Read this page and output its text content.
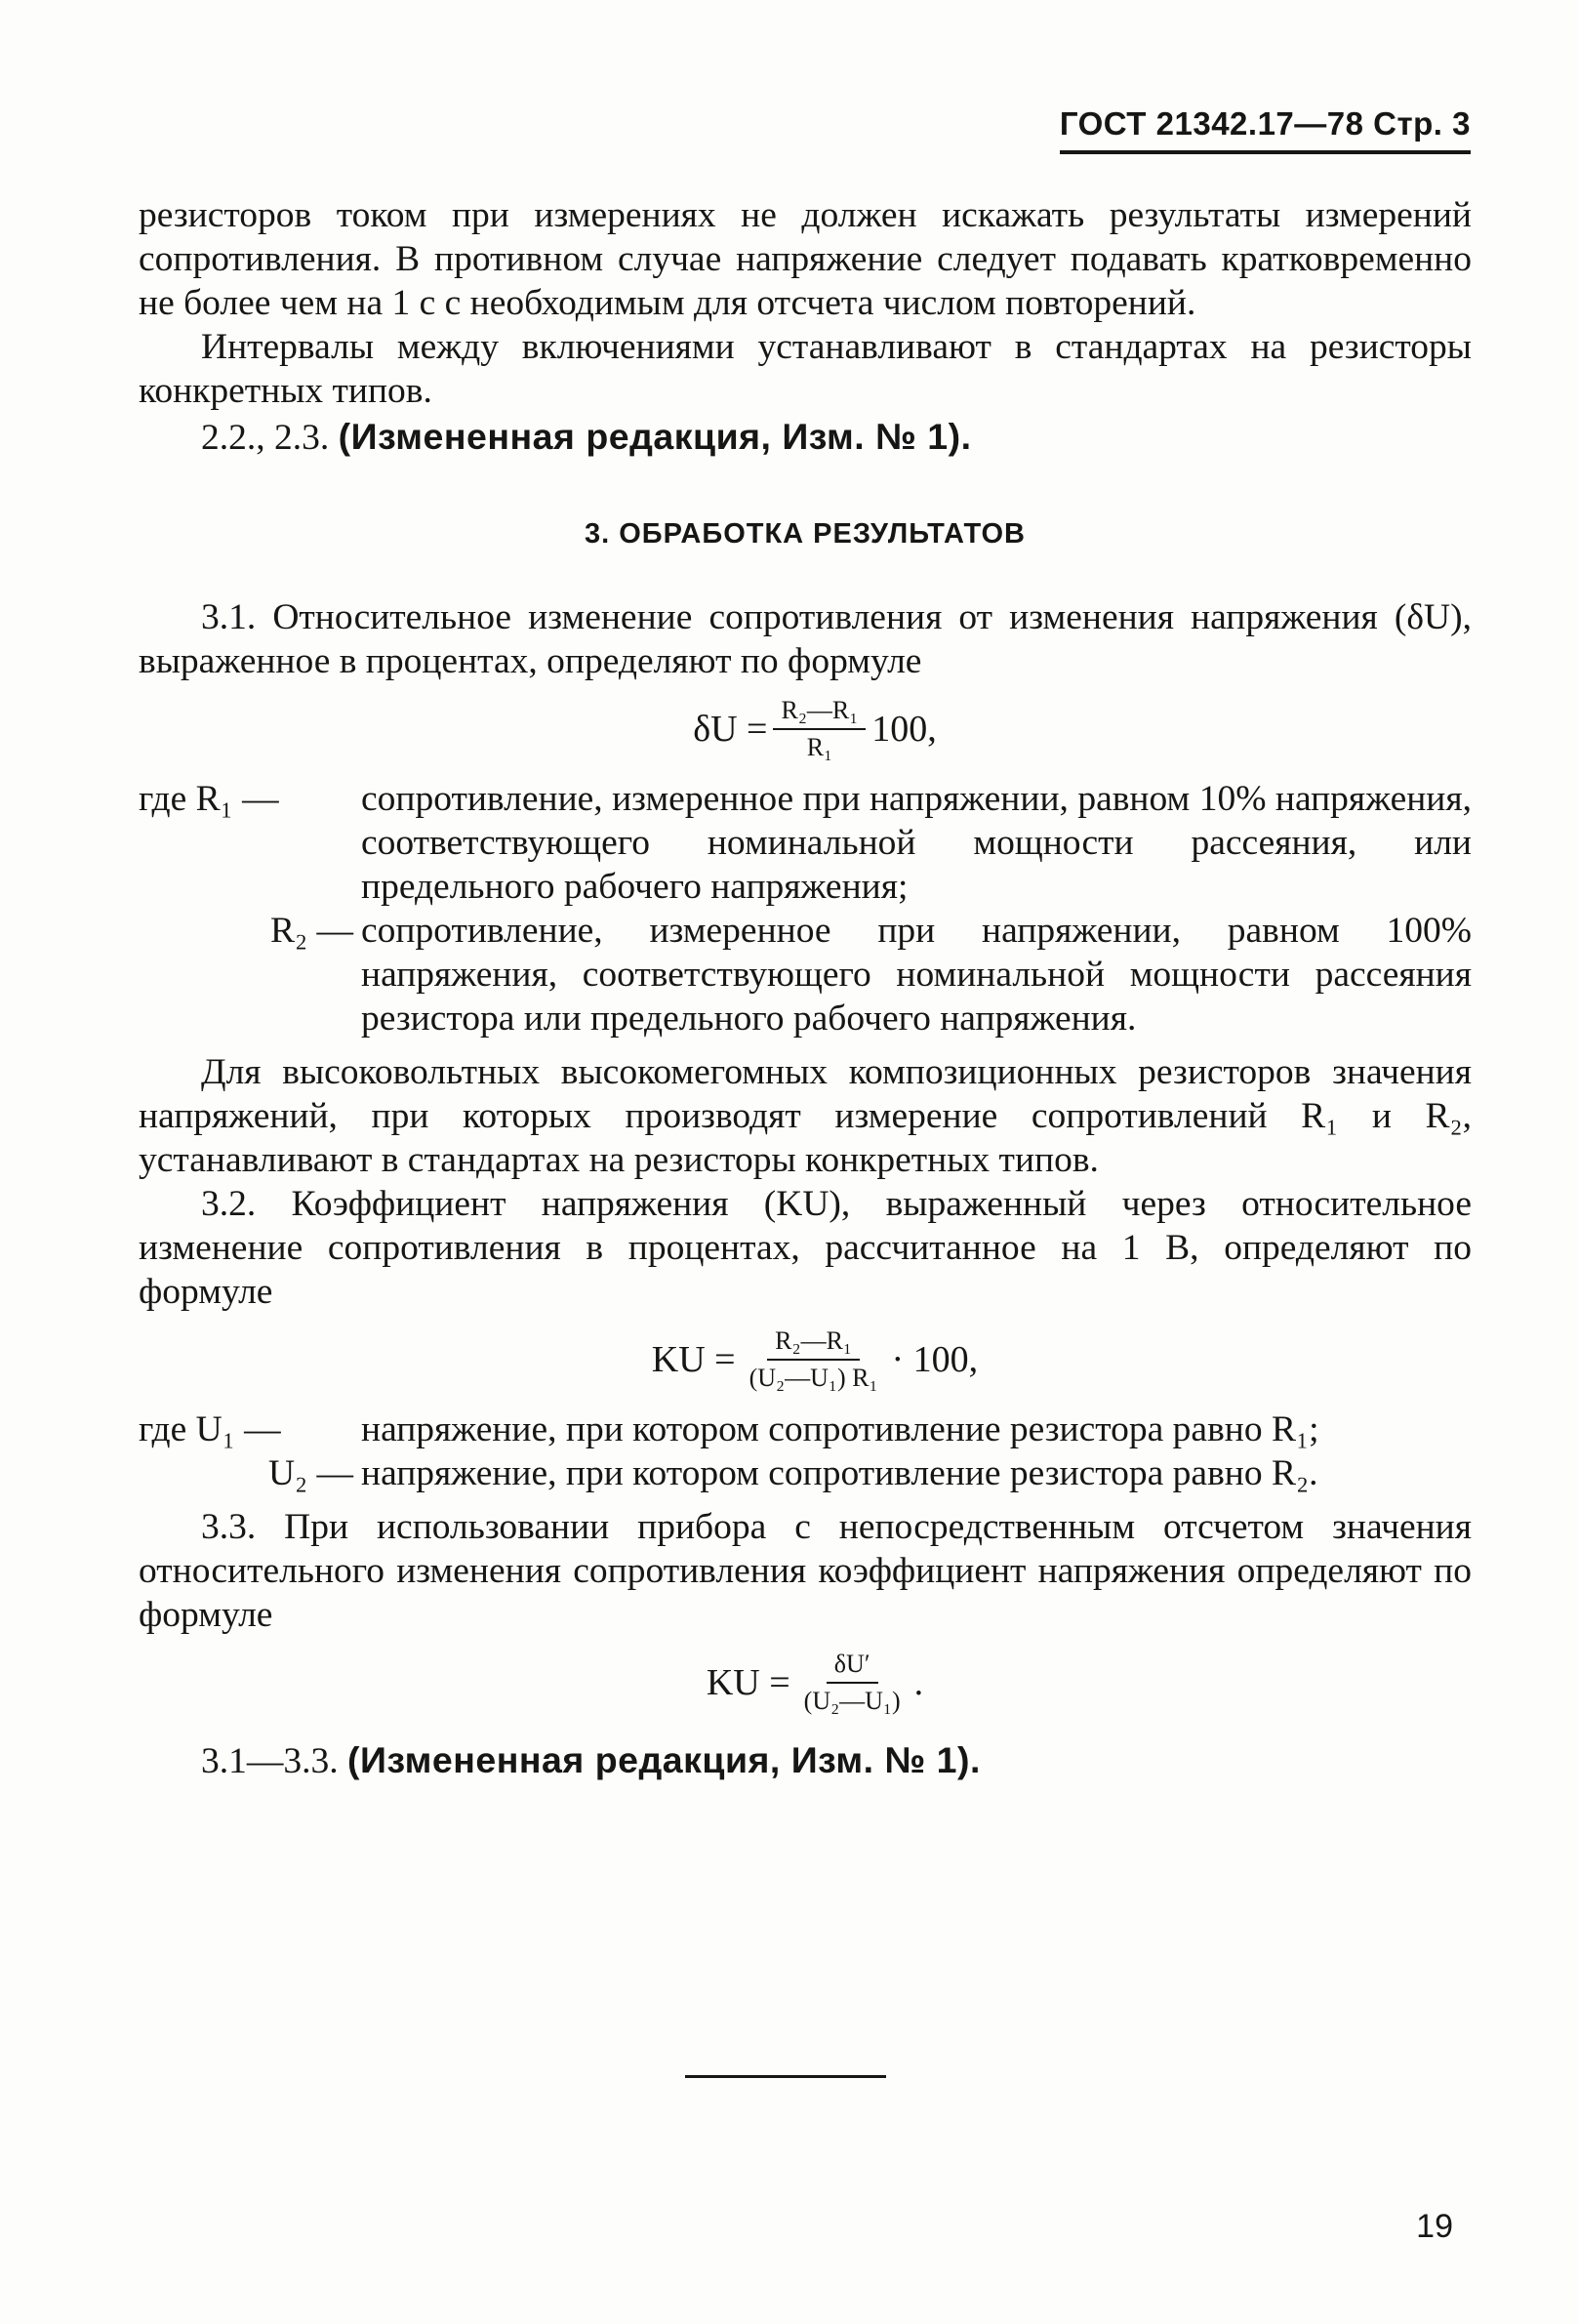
ГОСТ 21342.17—78 Стр. 3

резисторов током при измерениях не должен искажать результаты измерений сопротивления. В противном случае напряжение следует подавать кратковременно не более чем на 1 с с необходимым для отсчета числом повторений.

Интервалы между включениями устанавливают в стандартах на резисторы конкретных типов.

2.2., 2.3. (Измененная редакция, Изм. № 1).

3. ОБРАБОТКА РЕЗУЛЬТАТОВ

3.1. Относительное изменение сопротивления от изменения напряжения (δU), выраженное в процентах, определяют по формуле

$\delta U = \frac{\text{R₂—R₁}}{\text{R₁}} 100$,
где R₁ —	сопротивление, измеренное при напряжении, равном 10% напряжения, соответствующего номинальной мощности рассеяния, или предельного рабочего напряжения;
R₂ — сопротивление, измеренное при напряжении, равном 100% напряжения, соответствующего номинальной мощности рассеяния резистора или предельного рабочего напряжения.

Для высоковольтных высокомегомных композиционных резисторов значения напряжений, при которых производят измерение сопротивлений R₁ и R₂, устанавливают в стандартах на резисторы конкретных типов.

3.2. Коэффициент напряжения (KU), выраженный через относительное изменение сопротивления в процентах, рассчитанное на 1 В, определяют по формуле

KU = $\frac{\text{R₂—R₁}}{\text{(U₂—U₁) R₁}} \cdot 100$,
где U₁ —	напряжение, при котором сопротивление резистора равно R₁;
U₂ — напряжение, при котором сопротивление резистора равно R₂.

3.3. При использовании прибора с непосредственным отсчетом значения относительного изменения сопротивления коэффициент напряжения определяют по формуле

KU = $\frac{\delta U'}{\text{(U₂—U₁)}}$ .

3.1—3.3. (Измененная редакция, Изм. № 1).

19
